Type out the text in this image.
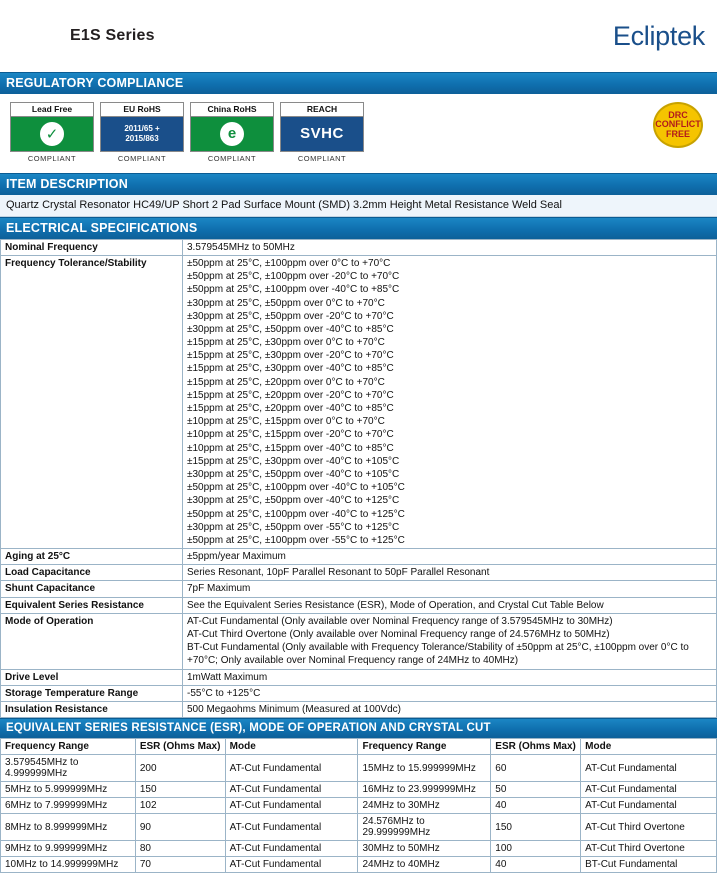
E1S Series	Ecliptek
REGULATORY COMPLIANCE
Lead Free
✓
COMPLIANT
EU RoHS
2011/65 +
2015/863
COMPLIANT
China RoHS
e
COMPLIANT
REACH
SVHC
COMPLIANT
DRC
CONFLICT
FREE
ITEM DESCRIPTION
Quartz Crystal Resonator HC49/UP Short 2 Pad Surface Mount (SMD) 3.2mm Height Metal Resistance Weld Seal
ELECTRICAL SPECIFICATIONS
Nominal Frequency	3.579545MHz to 50MHz

Frequency Tolerance/Stability	±50ppm at 25°C, ±100ppm over 0°C to +70°C
±50ppm at 25°C, ±100ppm over -20°C to +70°C
±50ppm at 25°C, ±100ppm over -40°C to +85°C
±30ppm at 25°C, ±50ppm over 0°C to +70°C
±30ppm at 25°C, ±50ppm over -20°C to +70°C
±30ppm at 25°C, ±50ppm over -40°C to +85°C
±15ppm at 25°C, ±30ppm over 0°C to +70°C
±15ppm at 25°C, ±30ppm over -20°C to +70°C
±15ppm at 25°C, ±30ppm over -40°C to +85°C
±15ppm at 25°C, ±20ppm over 0°C to +70°C
±15ppm at 25°C, ±20ppm over -20°C to +70°C
±15ppm at 25°C, ±20ppm over -40°C to +85°C
±10ppm at 25°C, ±15ppm over 0°C to +70°C
±10ppm at 25°C, ±15ppm over -20°C to +70°C
±10ppm at 25°C, ±15ppm over -40°C to +85°C
±15ppm at 25°C, ±30ppm over -40°C to +105°C
±30ppm at 25°C, ±50ppm over -40°C to +105°C
±50ppm at 25°C, ±100ppm over -40°C to +105°C
±30ppm at 25°C, ±50ppm over -40°C to +125°C
±50ppm at 25°C, ±100ppm over -40°C to +125°C
±30ppm at 25°C, ±50ppm over -55°C to +125°C
±50ppm at 25°C, ±100ppm over -55°C to +125°C

Aging at 25°C	±5ppm/year Maximum

Load Capacitance	Series Resonant, 10pF Parallel Resonant to 50pF Parallel Resonant

Shunt Capacitance	7pF Maximum

Equivalent Series Resistance	See the Equivalent Series Resistance (ESR), Mode of Operation, and Crystal Cut Table Below

Mode of Operation	AT-Cut Fundamental (Only available over Nominal Frequency range of 3.579545MHz to 30MHz)
AT-Cut Third Overtone (Only available over Nominal Frequency range of 24.576MHz to 50MHz)
BT-Cut Fundamental (Only available with Frequency Tolerance/Stability of ±50ppm at 25°C, ±100ppm over 0°C to +70°C; Only available over Nominal Frequency range of 24MHz to 40MHz)

Drive Level	1mWatt Maximum

Storage Temperature Range	-55°C to +125°C

Insulation Resistance	500 Megaohms Minimum (Measured at 100Vdc)
EQUIVALENT SERIES RESISTANCE (ESR), MODE OF OPERATION AND CRYSTAL CUT
Frequency Range	ESR (Ohms Max)	Mode	Frequency Range	ESR (Ohms Max)	Mode
3.579545MHz to 4.999999MHz	200	AT-Cut Fundamental	15MHz to 15.999999MHz	60	AT-Cut Fundamental
5MHz to 5.999999MHz	150	AT-Cut Fundamental	16MHz to 23.999999MHz	50	AT-Cut Fundamental
6MHz to 7.999999MHz	102	AT-Cut Fundamental	24MHz to 30MHz	40	AT-Cut Fundamental
8MHz to 8.999999MHz	90	AT-Cut Fundamental	24.576MHz to 29.999999MHz	150	AT-Cut Third Overtone
9MHz to 9.999999MHz	80	AT-Cut Fundamental	30MHz to 50MHz	100	AT-Cut Third Overtone
10MHz to 14.999999MHz	70	AT-Cut Fundamental	24MHz to 40MHz	40	BT-Cut Fundamental
